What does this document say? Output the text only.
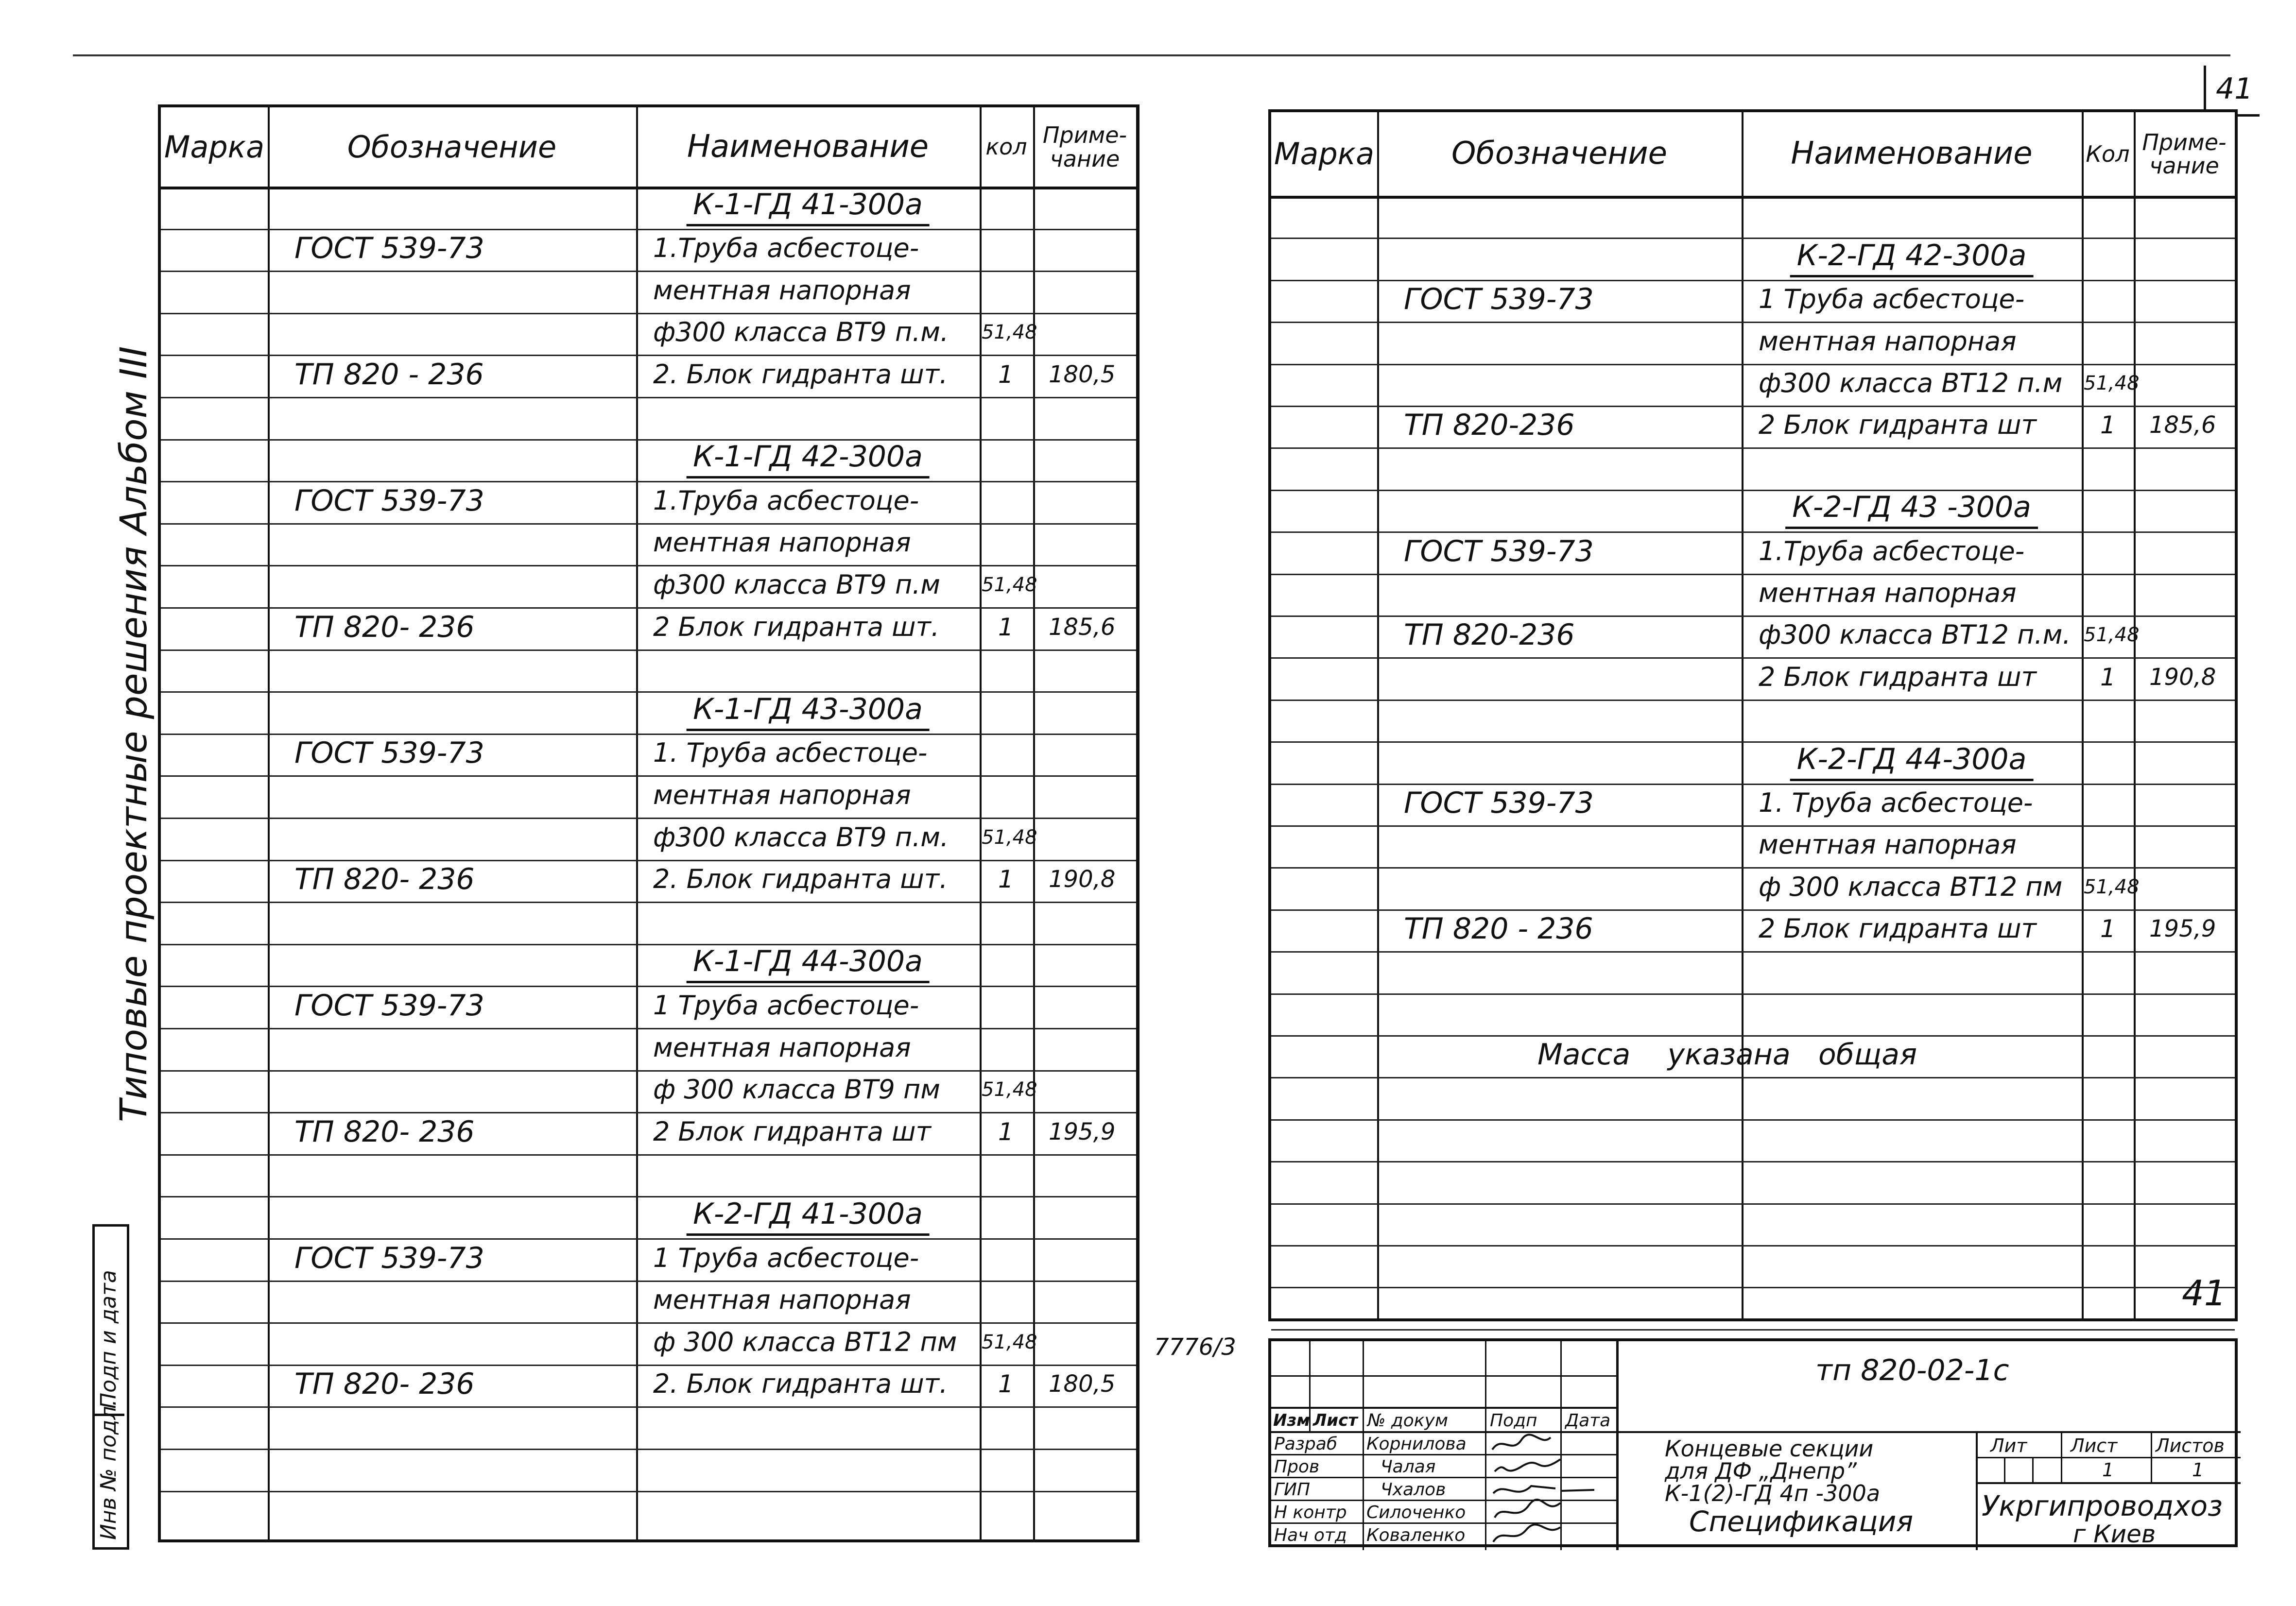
41
Типовые проектные решения Альбом III
Подп и дата
Инв № подл.
Марка	Обозначение	Наименование	кол Приме-
чание
К-1-ГД 41-300а
ГОСТ 539-73	1.Труба асбестоце-
ментная напорная
ф300 класса ВТ9 п.м. 51,48
ТП 820 - 236	2. Блок гидранта шт. 1 180,5
К-1-ГД 42-300а
ГОСТ 539-73	1.Труба асбестоце-
ментная напорная
ф300 класса ВТ9 п.м 51,48
ТП 820- 236	2 Блок гидранта шт. 1 185,6
К-1-ГД 43-300а
ГОСТ 539-73	1. Труба асбестоце-
ментная напорная
ф300 класса ВТ9 п.м. 51,48
ТП 820- 236	2. Блок гидранта шт. 1 190,8
К-1-ГД 44-300а
ГОСТ 539-73	1 Труба асбестоце-
ментная напорная
ф 300 класса ВТ9 пм 51,48
ТП 820- 236	2 Блок гидранта шт	1 195,9
К-2-ГД 41-300а
ГОСТ 539-73	1 Труба асбестоце-
ментная напорная
ф 300 класса ВТ12 пм 51,48
ТП 820- 236	2. Блок гидранта шт. 1 180,5
Марка	Обозначение	Наименование	Кол Приме-
чание
К-2-ГД 42-300а
ГОСТ 539-73	1 Труба асбестоце-
ментная напорная
ф300 класса ВТ12 п.м 51,48
ТП 820-236	2 Блок гидранта шт	1 185,6
К-2-ГД 43 -300а
ГОСТ 539-73	1.Труба асбестоце-
ментная напорная
ТП 820-236	ф300 класса ВТ12 п.м. 51,48
2 Блок гидранта шт	1 190,8
К-2-ГД 44-300а
ГОСТ 539-73	1. Труба асбестоце-
ментная напорная
ф 300 класса ВТ12 пм 51,48
ТП 820 - 236	2 Блок гидранта шт	1 195,9
Масса    указана   общая
41
7776/3
тп 820-02-1с
Изм Лист № докум Подп Дата
Разраб Корнилова
Пров	Чалая
ГИП	Чхалов
Н контр Силоченко
Нач отд Коваленко
Концевые секции
для ДФ „Днепр”
К-1(2)-ГД 4п -300а
Спецификация
Лит Лист Листов
1	1
Укргипроводхоз
г Киев
